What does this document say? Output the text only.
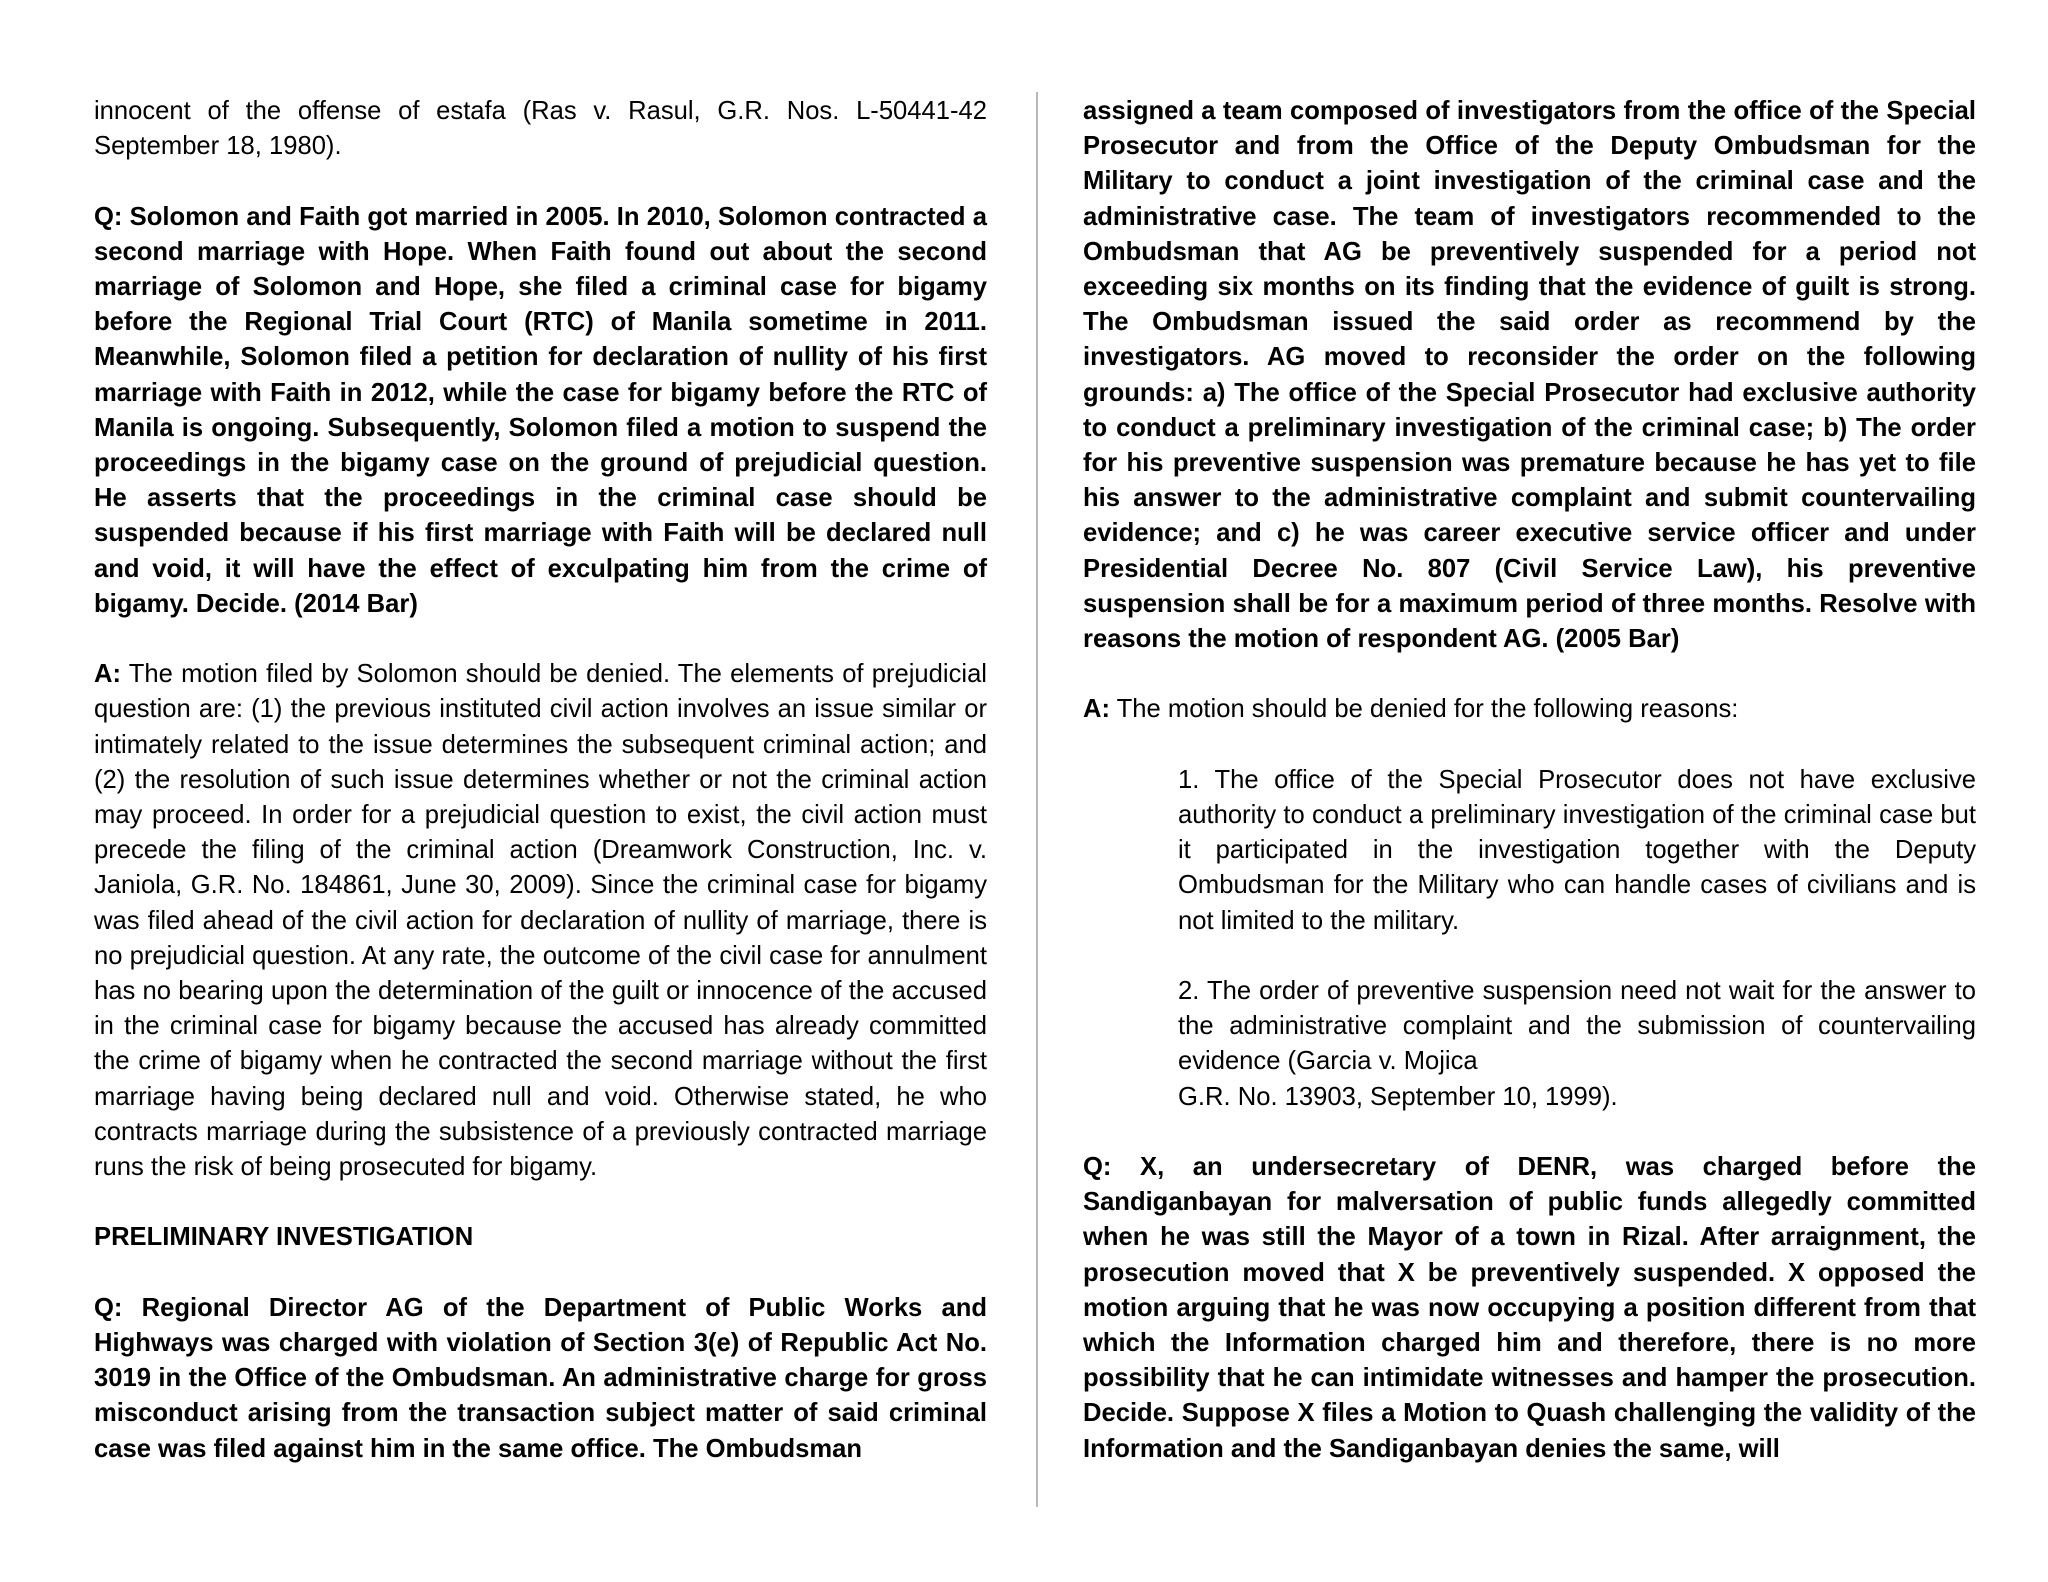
innocent of the offense of estafa (Ras v. Rasul, G.R. Nos. L-50441-42 September 18, 1980).

Q: Solomon and Faith got married in 2005. In 2010, Solomon contracted a second marriage with Hope. When Faith found out about the second marriage of Solomon and Hope, she filed a criminal case for bigamy before the Regional Trial Court (RTC) of Manila sometime in 2011. Meanwhile, Solomon filed a petition for declaration of nullity of his first marriage with Faith in 2012, while the case for bigamy before the RTC of Manila is ongoing. Subsequently, Solomon filed a motion to suspend the proceedings in the bigamy case on the ground of prejudicial question. He asserts that the proceedings in the criminal case should be suspended because if his first marriage with Faith will be declared null and void, it will have the effect of exculpating him from the crime of bigamy. Decide. (2014 Bar)

A: The motion filed by Solomon should be denied. The elements of prejudicial question are: (1) the previous instituted civil action involves an issue similar or intimately related to the issue determines the subsequent criminal action; and (2) the resolution of such issue determines whether or not the criminal action may proceed. In order for a prejudicial question to exist, the civil action must precede the filing of the criminal action (Dreamwork Construction, Inc. v. Janiola, G.R. No. 184861, June 30, 2009). Since the criminal case for bigamy was filed ahead of the civil action for declaration of nullity of marriage, there is no prejudicial question. At any rate, the outcome of the civil case for annulment has no bearing upon the determination of the guilt or innocence of the accused in the criminal case for bigamy because the accused has already committed the crime of bigamy when he contracted the second marriage without the first marriage having being declared null and void. Otherwise stated, he who contracts marriage during the subsistence of a previously contracted marriage runs the risk of being prosecuted for bigamy.

PRELIMINARY INVESTIGATION

Q: Regional Director AG of the Department of Public Works and Highways was charged with violation of Section 3(e) of Republic Act No. 3019 in the Office of the Ombudsman. An administrative charge for gross misconduct arising from the transaction subject matter of said criminal case was filed against him in the same office. The Ombudsman

assigned a team composed of investigators from the office of the Special Prosecutor and from the Office of the Deputy Ombudsman for the Military to conduct a joint investigation of the criminal case and the administrative case. The team of investigators recommended to the Ombudsman that AG be preventively suspended for a period not exceeding six months on its finding that the evidence of guilt is strong. The Ombudsman issued the said order as recommend by the investigators. AG moved to reconsider the order on the following grounds: a) The office of the Special Prosecutor had exclusive authority to conduct a preliminary investigation of the criminal case; b) The order for his preventive suspension was premature because he has yet to file his answer to the administrative complaint and submit countervailing evidence; and c) he was career executive service officer and under Presidential Decree No. 807 (Civil Service Law), his preventive suspension shall be for a maximum period of three months. Resolve with reasons the motion of respondent AG. (2005 Bar)

A: The motion should be denied for the following reasons:

1. The office of the Special Prosecutor does not have exclusive authority to conduct a preliminary investigation of the criminal case but it participated in the investigation together with the Deputy Ombudsman for the Military who can handle cases of civilians and is not limited to the military.

2. The order of preventive suspension need not wait for the answer to the administrative complaint and the submission of countervailing evidence (Garcia v. Mojica
G.R. No. 13903, September 10, 1999).

Q: X, an undersecretary of DENR, was charged before the Sandiganbayan for malversation of public funds allegedly committed when he was still the Mayor of a town in Rizal. After arraignment, the prosecution moved that X be preventively suspended. X opposed the motion arguing that he was now occupying a position different from that which the Information charged him and therefore, there is no more possibility that he can intimidate witnesses and hamper the prosecution. Decide. Suppose X files a Motion to Quash challenging the validity of the Information and the Sandiganbayan denies the same, will
